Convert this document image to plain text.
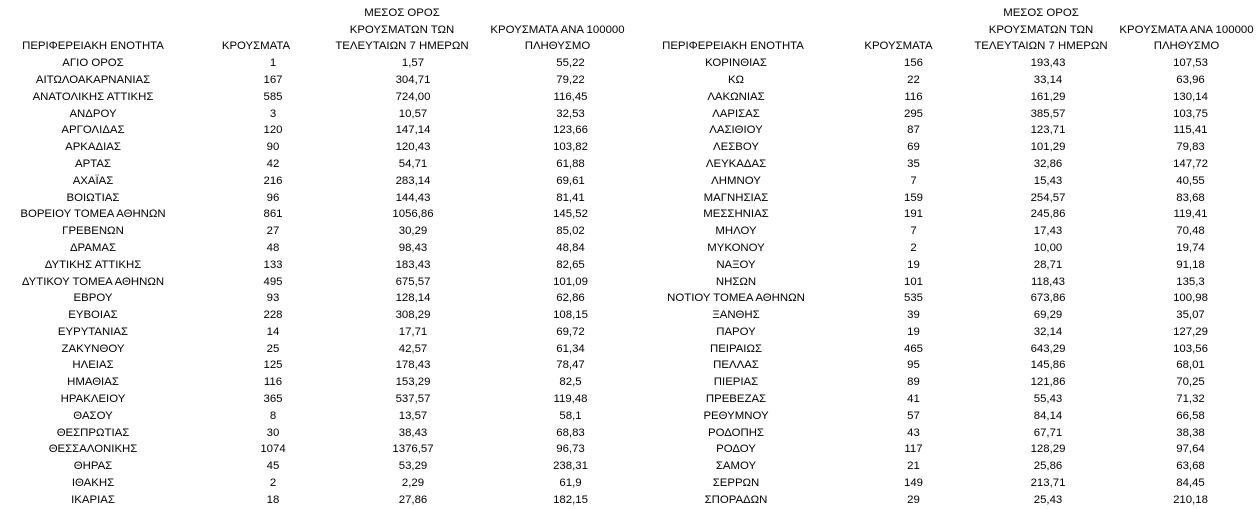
ΠΕΡΙΦΕΡΕΙΑΚΗ ΕΝΟΤΗΤΑ	ΚΡΟΥΣΜΑΤΑ	ΜΕΣΟΣ ΟΡΟΣ
ΚΡΟΥΣΜΑΤΩΝ ΤΩΝ
ΤΕΛΕΥΤΑΙΩΝ 7 ΗΜΕΡΩΝ	ΚΡΟΥΣΜΑΤΑ ΑΝΑ 100000
ΠΛΗΘΥΣΜΟ
ΑΓΙΟ ΟΡΟΣ	1	1,57	55,22
ΑΙΤΩΛΟΑΚΑΡΝΑΝΙΑΣ	167	304,71	79,22
ΑΝΑΤΟΛΙΚΗΣ ΑΤΤΙΚΗΣ	585	724,00	116,45
ΑΝΔΡΟΥ	3	10,57	32,53
ΑΡΓΟΛΙΔΑΣ	120	147,14	123,66
ΑΡΚΑΔΙΑΣ	90	120,43	103,82
ΑΡΤΑΣ	42	54,71	61,88
ΑΧΑΪΑΣ	216	283,14	69,61
ΒΟΙΩΤΙΑΣ	96	144,43	81,41
ΒΟΡΕΙΟΥ ΤΟΜΕΑ ΑΘΗΝΩΝ	861	1056,86	145,52
ΓΡΕΒΕΝΩΝ	27	30,29	85,02
ΔΡΑΜΑΣ	48	98,43	48,84
ΔΥΤΙΚΗΣ ΑΤΤΙΚΗΣ	133	183,43	82,65
ΔΥΤΙΚΟΥ ΤΟΜΕΑ ΑΘΗΝΩΝ	495	675,57	101,09
ΕΒΡΟΥ	93	128,14	62,86
ΕΥΒΟΙΑΣ	228	308,29	108,15
ΕΥΡΥΤΑΝΙΑΣ	14	17,71	69,72
ΖΑΚΥΝΘΟΥ	25	42,57	61,34
ΗΛΕΙΑΣ	125	178,43	78,47
ΗΜΑΘΙΑΣ	116	153,29	82,5
ΗΡΑΚΛΕΙΟΥ	365	537,57	119,48
ΘΑΣΟΥ	8	13,57	58,1
ΘΕΣΠΡΩΤΙΑΣ	30	38,43	68,83
ΘΕΣΣΑΛΟΝΙΚΗΣ	1074	1376,57	96,73
ΘΗΡΑΣ	45	53,29	238,31
ΙΘΑΚΗΣ	2	2,29	61,9
ΙΚΑΡΙΑΣ	18	27,86	182,15
ΠΕΡΙΦΕΡΕΙΑΚΗ ΕΝΟΤΗΤΑ	ΚΡΟΥΣΜΑΤΑ	ΜΕΣΟΣ ΟΡΟΣ
ΚΡΟΥΣΜΑΤΩΝ ΤΩΝ
ΤΕΛΕΥΤΑΙΩΝ 7 ΗΜΕΡΩΝ	ΚΡΟΥΣΜΑΤΑ ΑΝΑ 100000
ΠΛΗΘΥΣΜΟ
ΚΟΡΙΝΘΙΑΣ	156	193,43	107,53
ΚΩ	22	33,14	63,96
ΛΑΚΩΝΙΑΣ	116	161,29	130,14
ΛΑΡΙΣΑΣ	295	385,57	103,75
ΛΑΣΙΘΙΟΥ	87	123,71	115,41
ΛΕΣΒΟΥ	69	101,29	79,83
ΛΕΥΚΑΔΑΣ	35	32,86	147,72
ΛΗΜΝΟΥ	7	15,43	40,55
ΜΑΓΝΗΣΙΑΣ	159	254,57	83,68
ΜΕΣΣΗΝΙΑΣ	191	245,86	119,41
ΜΗΛΟΥ	7	17,43	70,48
ΜΥΚΟΝΟΥ	2	10,00	19,74
ΝΑΞΟΥ	19	28,71	91,18
ΝΗΣΩΝ	101	118,43	135,3
ΝΟΤΙΟΥ ΤΟΜΕΑ ΑΘΗΝΩΝ	535	673,86	100,98
ΞΑΝΘΗΣ	39	69,29	35,07
ΠΑΡΟΥ	19	32,14	127,29
ΠΕΙΡΑΙΩΣ	465	643,29	103,56
ΠΕΛΛΑΣ	95	145,86	68,01
ΠΙΕΡΙΑΣ	89	121,86	70,25
ΠΡΕΒΕΖΑΣ	41	55,43	71,32
ΡΕΘΥΜΝΟΥ	57	84,14	66,58
ΡΟΔΟΠΗΣ	43	67,71	38,38
ΡΟΔΟΥ	117	128,29	97,64
ΣΑΜΟΥ	21	25,86	63,68
ΣΕΡΡΩΝ	149	213,71	84,45
ΣΠΟΡΑΔΩΝ	29	25,43	210,18
